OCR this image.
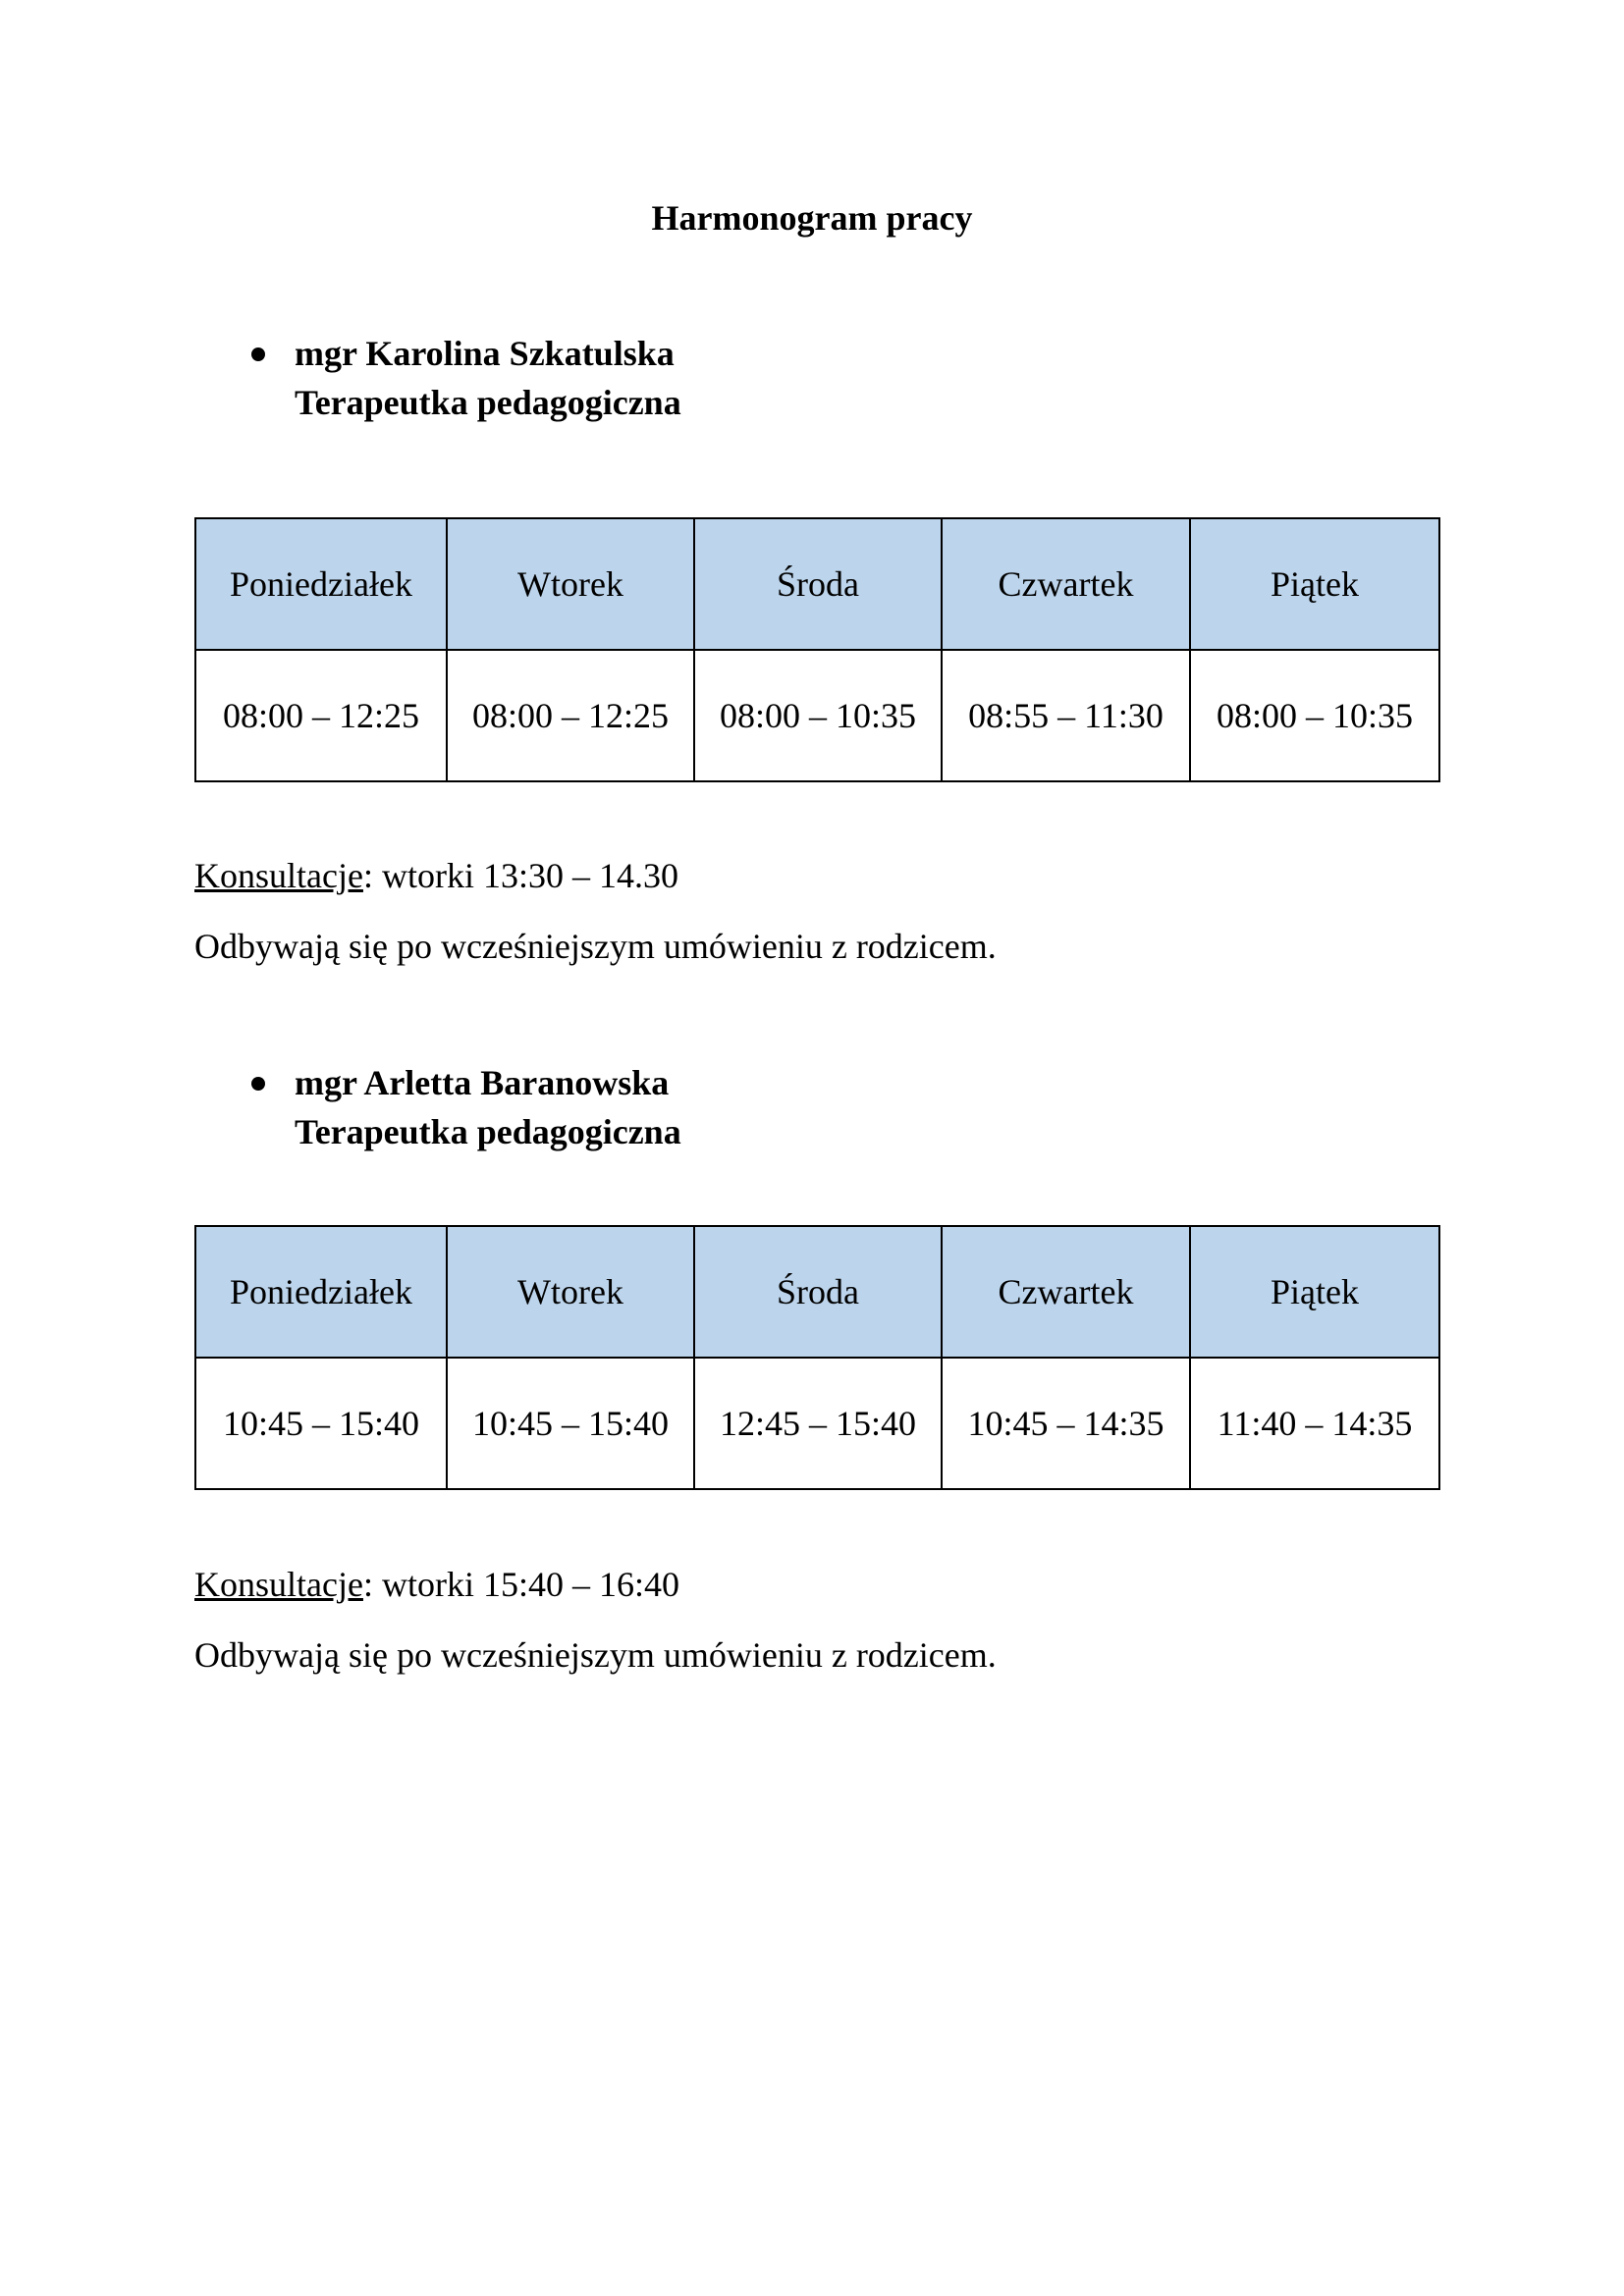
Harmonogram pracy
mgr Karolina Szkatulska
Terapeutka pedagogiczna
Poniedziałek	Wtorek	Środa	Czwartek	Piątek
08:00 – 12:25	08:00 – 12:25	08:00 – 10:35	08:55 – 11:30	08:00 – 10:35
Konsultacje: wtorki 13:30 – 14.30
Odbywają się po wcześniejszym umówieniu z rodzicem.
mgr Arletta Baranowska
Terapeutka pedagogiczna
Poniedziałek	Wtorek	Środa	Czwartek	Piątek
10:45 – 15:40	10:45 – 15:40	12:45 – 15:40	10:45 – 14:35	11:40 – 14:35
Konsultacje: wtorki 15:40 – 16:40
Odbywają się po wcześniejszym umówieniu z rodzicem.
